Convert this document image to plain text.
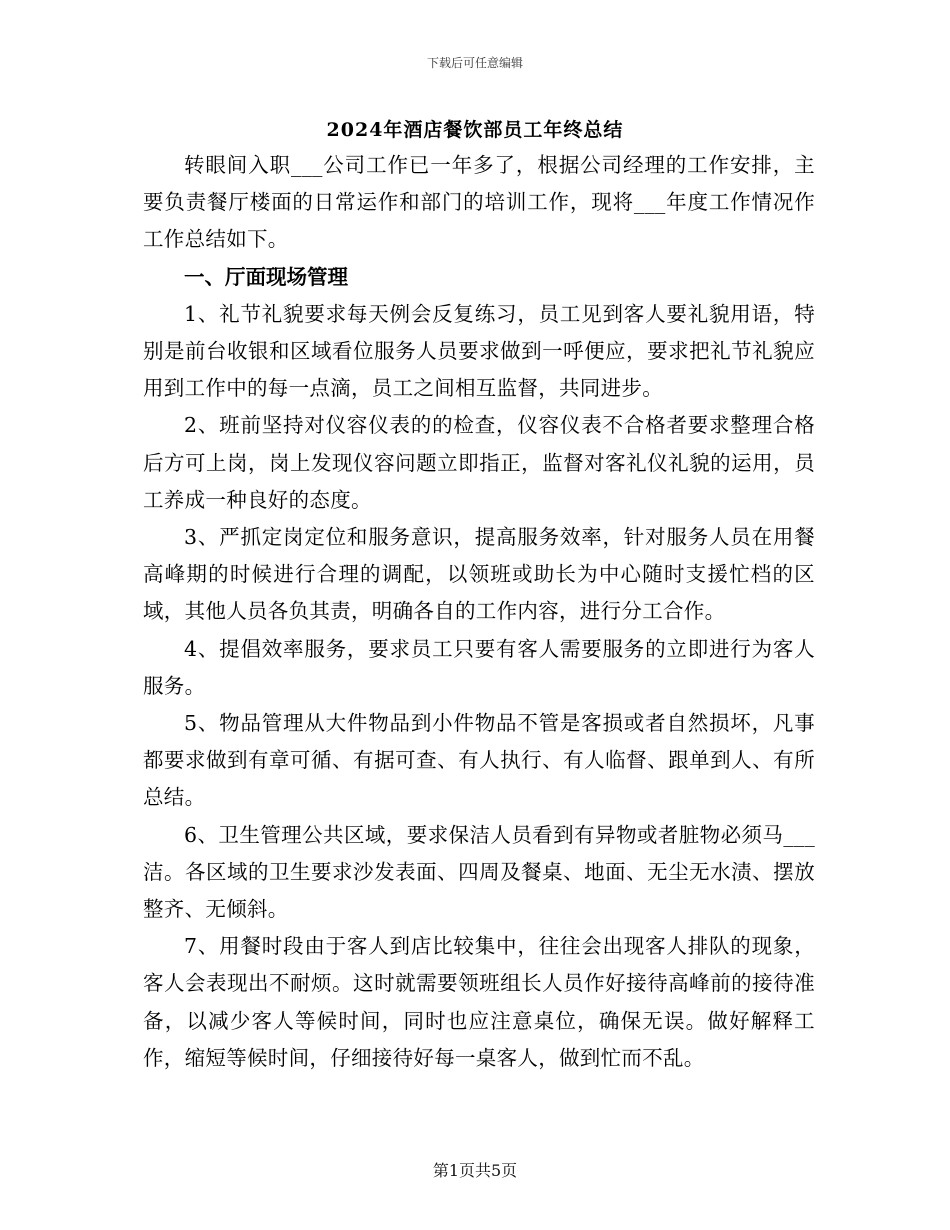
下载后可任意编辑
2024年酒店餐饮部员工年终总结

转眼间入职___公司工作已一年多了，根据公司经理的工作安排，主要负责餐厅楼面的日常运作和部门的培训工作，现将___年度工作情况作工作总结如下。

一、厅面现场管理

1、礼节礼貌要求每天例会反复练习，员工见到客人要礼貌用语，特别是前台收银和区域看位服务人员要求做到一呼便应，要求把礼节礼貌应用到工作中的每一点滴，员工之间相互监督，共同进步。

2、班前坚持对仪容仪表的的检查，仪容仪表不合格者要求整理合格后方可上岗，岗上发现仪容问题立即指正，监督对客礼仪礼貌的运用，员工养成一种良好的态度。

3、严抓定岗定位和服务意识，提高服务效率，针对服务人员在用餐高峰期的时候进行合理的调配，以领班或助长为中心随时支援忙档的区域，其他人员各负其责，明确各自的工作内容，进行分工合作。

4、提倡效率服务，要求员工只要有客人需要服务的立即进行为客人服务。

5、物品管理从大件物品到小件物品不管是客损或者自然损坏，凡事都要求做到有章可循、有据可查、有人执行、有人临督、跟单到人、有所总结。

6、卫生管理公共区域，要求保洁人员看到有异物或者脏物必须马___洁。各区域的卫生要求沙发表面、四周及餐桌、地面、无尘无水渍、摆放整齐、无倾斜。

7、用餐时段由于客人到店比较集中，往往会出现客人排队的现象，客人会表现出不耐烦。这时就需要领班组长人员作好接待高峰前的接待准备，以减少客人等候时间，同时也应注意桌位，确保无误。做好解释工作，缩短等候时间，仔细接待好每一桌客人，做到忙而不乱。

第1页共5页
